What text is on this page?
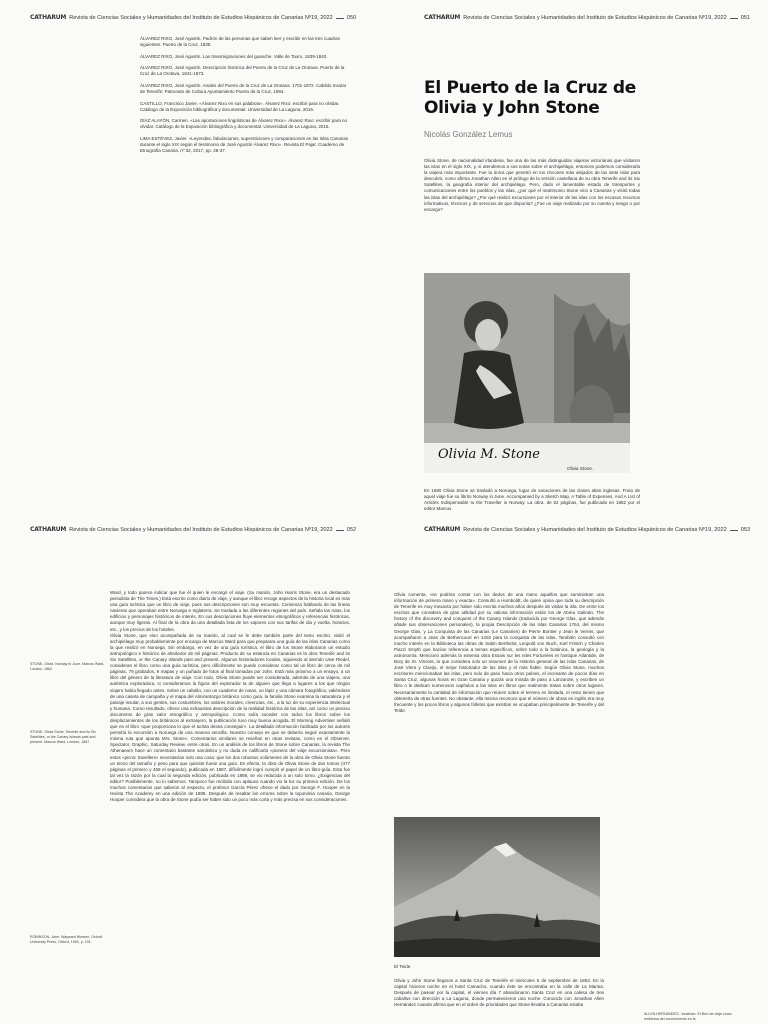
CATHARUM Revista de Ciencias Sociales y Humanidades del Instituto de Estudios Hispánicos de Canarias Nº19, 2022	050

ÁLVAREZ RIXO, José Agustín. Padrón de las personas que saben leer y escribir en las tres cuadras siguientes. Puerto de la Cruz, 1835.

ÁLVAREZ RIXO, José Agustín. Las transmigraciones del guanche. Valle de Taoro, 1839-1840.

ÁLVAREZ RIXO, José Agustín. Descripción histórica del Puerto de la Cruz de La Orotava. Puerto de la Cruz de La Orotava, 1841-1873.

ÁLVAREZ RIXO, José Agustín. Anales del Puerto de la Cruz de La Orotava. 1701-1872. Cabildo Insular de Tenerife; Patronato de Cultura Ayuntamiento Puerto de la Cruz, 1994.

CASTILLO, Francisco Javier. «Álvarez Rixo en sus palabras». Álvarez Rixo: escribir para no olvidar. Catálogo de la Exposición bibliográfica y documental. Universidad de La Laguna, 2016.

DÍAZ ALAYÓN, Carmen. «Las aportaciones lingüísticas de Álvarez Rixo». Álvarez Rixo: escribir para no olvidar. Catálogo de la Exposición bibliográfica y documental. Universidad de La Laguna, 2016.

LIMA ESTÉVEZ, Javier. «Leyendas, fabulaciones, supersticiones y comparaciones en las Islas Canarias durante el siglo XIX según el testimonio de José Agustín Álvarez Rixo». Revista El Pajar. Cuaderno de Etnografía Canaria, nº 32, 2017, pp. 28-37.

CATHARUM Revista de Ciencias Sociales y Humanidades del Instituto de Estudios Hispánicos de Canarias Nº19, 2022	051
El Puerto de la Cruz de Olivia y John Stone
Nicolás González Lemus

Olivia Stone, de nacionalidad irlandesa, fue una de las más distinguidas viajeras victorianas que visitaron las islas en el siglo XIX, y, si atendemos a sus notas sobre el archipiélago, entonces podemos considerarla la viajera más importante. Fue la única que penetró en los rincones más alejados de las siete islas para descubrir, como afirma Jonathan Allen en el prólogo de la versión castellana de su obra Tenerife and its Six Satellites, la geografía interior del archipiélago. Pero, dado el lamentable estado de transportes y comunicaciones entre los pueblos y las islas, ¿por qué el matrimonio Stone vino a Canarias y visitó todas las islas del archipiélago? ¿Por qué realizó excursiones por el interior de las islas con los escasos recursos informativos, técnicos y de servicios de que disponía? ¿Fue un viaje realizado por su cuenta y riesgo o por encargo?

Olivia M. Stone
Olivia Stone.

En 1880 Olivia Stone se trasladó a Noruega, lugar de vacaciones de las clases altas inglesas. Fruto de aquel viaje fue su librito Norway in June. Accompanied by a Sketch Map, A Table of Expenses, And A List of Articles Indispensable to the Traveller in Norway. La obra, de 62 páginas, fue publicada en 1882 por el editor Marcus

CATHARUM Revista de Ciencias Sociales y Humanidades del Instituto de Estudios Hispánicos de Canarias Nº19, 2022	052
STONE, Olivia. Norway in June. Marcus Ward, London, 1882.
STONE, Olivia Stone. Tenerife and its Six Satellites, or the Canary Islands past and present. Marcus Ward, London, 1887.
ROBINSON, Jane. Wayward Women. Oxford University Press, Oxford, 1990, p. 191.

Ward, y todo parece indicar que fue él quien le encargó el viaje. (Su marido, John Harris Stone, era un destacado periodista de The Times.) Está escrito como diario de viaje, y aunque el libro recoge aspectos de la historia local es más una guía turística que un libro de viaje, pues sus descripciones son muy escuetas. Comienza hablando de las líneas navieras que operaban entre Noruega e Inglaterra. Se traslada a las diferentes regiones del país. Señala las rutas, los edificios y personajes históricos de interés. En sus descripciones fluye elementos etnográficos y referencias históricas, aunque muy ligeras. Al final de la obra da una detallada lista de los vapores con sus tarifas de ida y vuelta, horarios, etc., y los precios de los hoteles.

Olivia Stone, que vino acompañada de su marido, al cual se le debe también parte del texto escrito, visitó el archipiélago muy probablemente por encargo de Marcus Ward para que preparara una guía de las islas Canarias como la que realizó en Noruega. Sin embargo, en vez de una guía turística, el libro de los Stone elaboraron un estudio antropológico e histórico de alrededor de mil páginas. Producto de su estancia en Canarias es la obra Tenerife and its Six Satellites, or the Canary Islands past and present. Algunos historiadores locales, siguiendo al alemán Uwe Riedel, consideran el libro como una guía turística, pero difícilmente se puede considerar como tal un libro de cerca de mil páginas, 79 grabados, 9 mapas y un puñado de fotos al final tomadas por John. Está más próximo a un ensayo, a un libro del género de la literatura de viaje. Con todo, Olivia Stone puede ser considerada, además de una viajera, una auténtica exploradora, si consideramos la figura del explorador la de alguien que llega a lugares a los que ningún viajero había llegado antes. Sobre un caballo, con un cuaderno de notas, un lápiz y una cámara fotográfica, valiéndose de una caseta de campaña y el mapa del Almirantazgo británico como guía, la familia Stone examina la naturaleza y el paisaje insular, a sus gentes, sus costumbres, los valores morales, creencias, etc., a la luz de su experiencia intelectual y humana. Como resultado, ofrece una exhaustiva descripción de la realidad histórica de las islas, así como un preciso documento de gran valor etnográfico y antropológico. Como solía suceder con todos los libros sobre los desplazamientos de los británicos al extranjero, la publicación tuvo muy buena acogida. El Morning Advertiser señaló que es el libro «que proporciona lo que el turista desea conseguir». La detallada información facilitada por los autores permitía la excursión a Noruega de una manera sencilla. Nuestro consejo es que se debería seguir exactamente la misma ruta que apunta Mrs. Stone». Comentarios similares se reseñan en otras revistas, como en el Observer, Spectator, Graphic, Saturday Review, entre otras. En un análisis de los libros de Stone sobre Canarias, la revista The Athenaeum hace un comentario bastante sarcástico y no duda en calificarla «pionera del viaje excursionista». Pero estos «picnic travellers» necesitarían solo una cosa: que los dos robustos volúmenes de la obra de Olivia Stone fueran un tercio del tamaño y peso para que quisiste fuese una guía. En efecto, la obra de Olivia Stone de dos tomos (477 páginas el primero y 459 el segundo), publicada en 1887, difícilmente logró cumplir el papel de un libro-guía. Esta fue tal vez la razón por la cual la segunda edición, publicada en 1889, se vio reducida a un solo tomo. ¿Exigencias del editor? Posiblemente, no lo sabemos. Tampoco fue recibida con aplauso cuando vio la luz su primera edición. De los muchos comentarios que salieron al respecto, el profesor García Pérez ofrece el dado por George F. Hooper en la revista The Academy en una edición de 1888. Después de resaltar los errores sobre la toponimia canaria, George Hooper considera que la obra de Stone podía ser haber sido un poco más corta y más precisa en sus consideraciones.

CATHARUM Revista de Ciencias Sociales y Humanidades del Instituto de Estudios Hispánicos de Canarias Nº19, 2022	053

Olivia comenta, «se podrían contar con los dedos de una mano aquellos que suministran una información de primera mano y exacta». Consultó a Humboldt, de quien opina que toda su descripción de Tenerife es muy inexacta por haber sido escrita muchos años después de visitar la isla. De entre los escritos que considera de gran utilidad por su valiosa información están los de Abreu Galindo, The history of the discovery and conquest of the Canary Islands (traducido por George Glas, que además añade sus observaciones personales), la propia Descripción de las Islas Canarias 1764, del mismo George Glas, y La Conquista de las Canarias (Le Canarien) de Pierre Bontier y Jean le Verrier, que acompañaron a Jean de Bethencourt en 1402 para la conquista de las islas. También consultó con mucho interés en la Biblioteca las obras de Sabin Berthelot, Leopold von Buch, Karl Fritsch y Charles Piazzi Smyth que hacían referencia a temas específicos, sobre todo a la botánica, la geología y la astronomía. Mencionó además la extensa obra Essais sur les Isles Fortunées et l'antique Atlantide, de Bory de St. Vincent, la que considera solo un resumen de la Historia general de las Islas Canarias, de José Viera y Clavijo, el mejor historiador de las islas y el más fiable. Según Olivia Stone, muchos escritores mencionaban las islas, pero solo de paso hacia otros países, el incesante de pocos días en Santa Cruz, algunas horas en Gran Canaria y quizás una mirada de paso a Lanzarote, y escriben un libro o le dedican numerosos capítulos a las islas en libros que realmente tratan sobre otros lugares. Necesariamente la cantidad de información que reúnen sobre el terreno es limitada, el resto tienen que obtenerla de otras fuentes. No obstante, ella misma reconoce que el número de obras en inglés era muy frecuente y los pocos libros y algunos folletos que existían se ocupaban principalmente de Tenerife y del Teide.

El Teide.

Olivia y John Stone llegaron a Santa Cruz de Tenerife el miércoles 5 de septiembre de 1883. En la capital hicieron noche en el hotel Camacho, cuando éste se encontraba en la calle de La Marina. Después de pasear por la capital, el viernes día 7 abandonaron Santa Cruz en una calesa de tres caballos con dirección a La Laguna, donde permanecieron una noche. Conocido con Jonathan Allen Hernández cuando afirma que en el orden de prioridades que Stone llevaba a Canarias estaba

ALLEN HERNÁNDEZ, Jonathan. El libro de viaje como emblema del conocimiento en la
